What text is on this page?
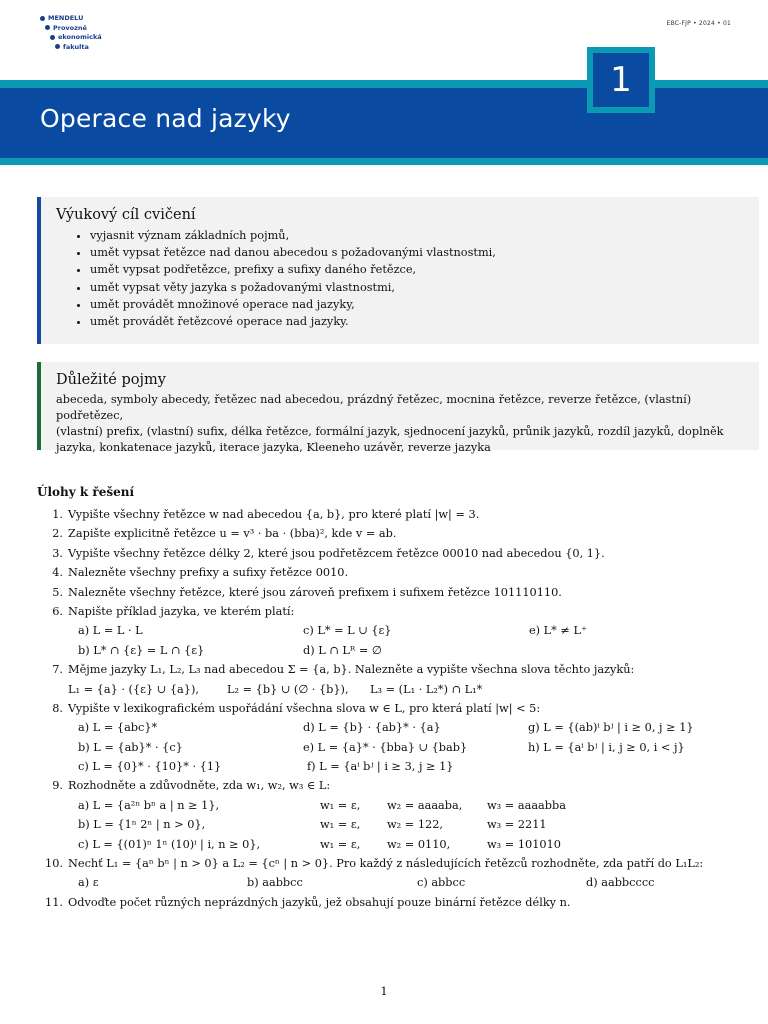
MENDELU
Provozně
ekonomická
fakulta
EBC-FJP • 2024 • 01
Operace nad jazyky
1
Výukový cíl cvičení
• vyjasnit význam základních pojmů,
• umět vypsat řetězce nad danou abecedou s požadovanými vlastnostmi,
• umět vypsat podřetězce, prefixy a sufixy daného řetězce,
• umět vypsat věty jazyka s požadovanými vlastnostmi,
• umět provádět množinové operace nad jazyky,
• umět provádět řetězcové operace nad jazyky.
Důležité pojmy

abeceda, symboly abecedy, řetězec nad abecedou, prázdný řetězec, mocnina řetězce, reverze řetězce, (vlastní) podřetězec,

(vlastní) prefix, (vlastní) sufix, délka řetězce, formální jazyk, sjednocení jazyků, průnik jazyků, rozdíl jazyků, doplněk

jazyka, konkatenace jazyků, iterace jazyka, Kleeneho uzávěr, reverze jazyka

Úlohy k řešení
1. Vypište všechny řetězce w nad abecedou {a, b}, pro které platí |w| = 3.
2. Zapište explicitně řetězce u = v³ · ba · (bba)², kde v = ab.
3. Vypište všechny řetězce délky 2, které jsou podřetězcem řetězce 00010 nad abecedou {0, 1}.
4. Nalezněte všechny prefixy a sufixy řetězce 0010.
5. Nalezněte všechny řetězce, které jsou zároveň prefixem i sufixem řetězce 101110110.
6. Napište příklad jazyka, ve kterém platí:
a) L = L · L	c) L* = L ∪ {ε}	e) L* ≠ L⁺
b) L* ∩ {ε} = L ∩ {ε}	d) L ∩ Lᴿ = ∅
7. Mějme jazyky L₁, L₂, L₃ nad abecedou Σ = {a, b}. Nalezněte a vypište všechna slova těchto jazyků:
L₁ = {a} · ({ε} ∪ {a}), L₂ = {b} ∪ (∅ · {b}), L₃ = (L₁ · L₂*) ∩ L₁*
8. Vypište v lexikografickém uspořádání všechna slova w ∈ L, pro která platí |w| < 5:
a) L = {abc}*	d) L = {b} · {ab}* · {a}	g) L = {(ab)ⁱ bʲ | i ≥ 0, j ≥ 1}
b) L = {ab}* · {c}	e) L = {a}* · {bba} ∪ {bab}	h) L = {aⁱ bʲ | i, j ≥ 0, i < j}
c) L = {0}* · {10}* · {1}	f) L = {aⁱ bʲ | i ≥ 3, j ≥ 1}
9. Rozhodněte a zdůvodněte, zda w₁, w₂, w₃ ∈ L:
a) L = {a²ⁿ bⁿ a | n ≥ 1},	w₁ = ε, w₂ = aaaaba, w₃ = aaaabba
b) L = {1ⁿ 2ⁿ | n > 0},	w₁ = ε, w₂ = 122,	w₃ = 2211
c) L = {(01)ⁿ 1ⁿ (10)ⁱ | i, n ≥ 0},	w₁ = ε, w₂ = 0110,	w₃ = 101010
10. Nechť L₁ = {aⁿ bⁿ | n > 0} a L₂ = {cⁿ | n > 0}. Pro každý z následujících řetězců rozhodněte, zda patří do L₁L₂:
a) ε	b) aabbcc	c) abbcc	d) aabbcccc
11. Odvoďte počet různých neprázdných jazyků, jež obsahují pouze binární řetězce délky n.
1
